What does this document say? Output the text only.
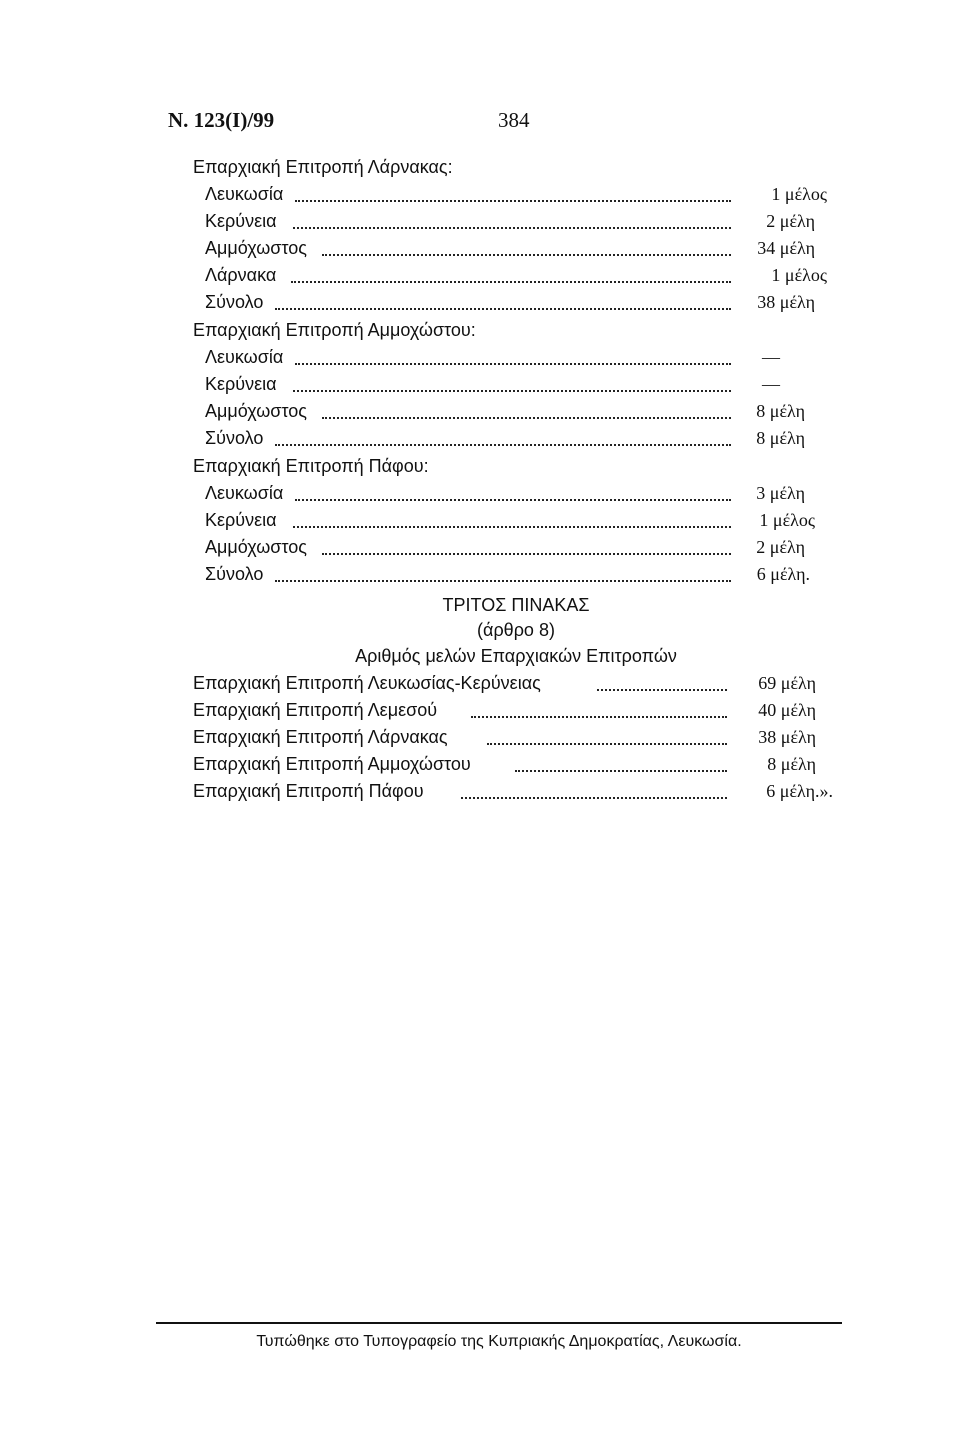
N. 123(I)/99	384
Επαρχιακή Επιτροπή Λάρνακας:
Λευκωσία	1 μέλος
Κερύνεια	2 μέλη
Αμμόχωστος	34 μέλη
Λάρνακα	1 μέλος
Σύνολο	38 μέλη
Επαρχιακή Επιτροπή Αμμοχώστου:
Λευκωσία	—
Κερύνεια	—
Αμμόχωστος	8 μέλη
Σύνολο	8 μέλη
Επαρχιακή Επιτροπή Πάφου:
Λευκωσία	3 μέλη
Κερύνεια	1 μέλος
Αμμόχωστος	2 μέλη
Σύνολο	6 μέλη.
ΤΡΙΤΟΣ ΠΙΝΑΚΑΣ
(άρθρο 8)
Αριθμός μελών Επαρχιακών Επιτροπών
Επαρχιακή Επιτροπή Λευκωσίας-Κερύνειας	69 μέλη
Επαρχιακή Επιτροπή Λεμεσού	40 μέλη
Επαρχιακή Επιτροπή Λάρνακας	38 μέλη
Επαρχιακή Επιτροπή Αμμοχώστου	8 μέλη
Επαρχιακή Επιτροπή Πάφου	6 μέλη.».
Τυπώθηκε στο Τυπογραφείο της Κυπριακής Δημοκρατίας, Λευκωσία.
